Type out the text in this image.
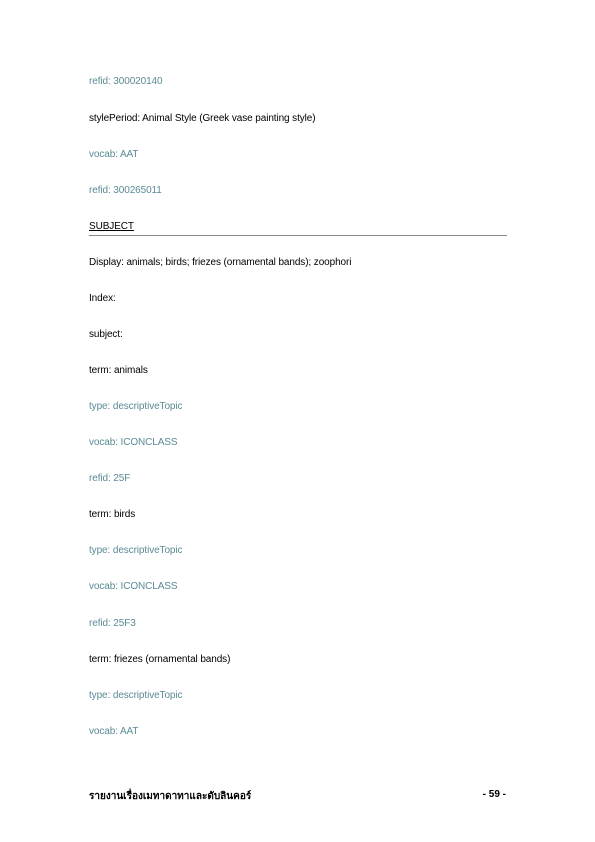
refid: 300020140
stylePeriod: Animal Style (Greek vase painting style)
vocab: AAT
refid: 300265011
SUBJECT
Display: animals; birds; friezes (ornamental bands); zoophori
Index:
subject:
term: animals
type: descriptiveTopic
vocab: ICONCLASS
refid: 25F
term: birds
type: descriptiveTopic
vocab: ICONCLASS
refid: 25F3
term: friezes (ornamental bands)
type: descriptiveTopic
vocab: AAT
รายงานเรื่องเมทาดาทาและดับลินคอร์	- 59 -
